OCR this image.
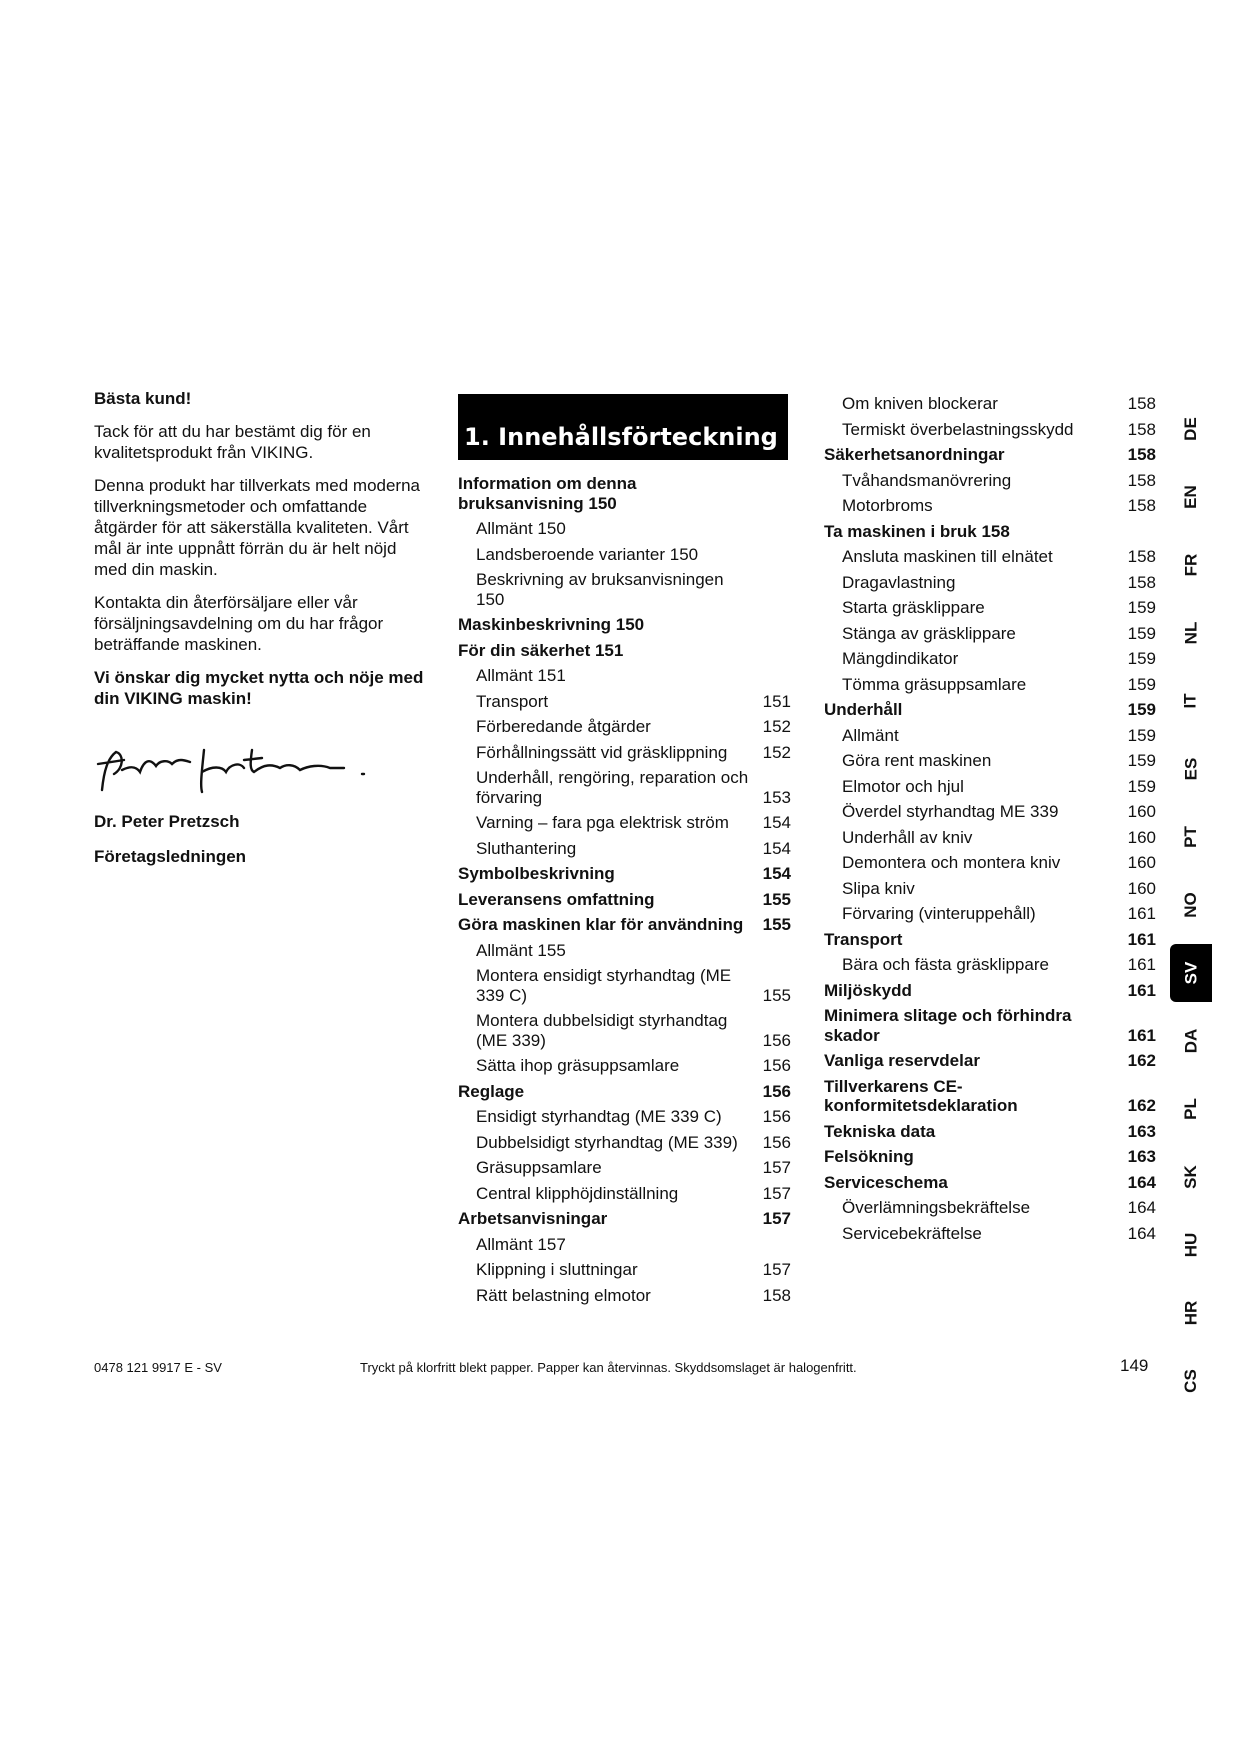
Bästa kund!

Tack för att du har bestämt dig för en kvalitetsprodukt från VIKING.

Denna produkt har tillverkats med moderna tillverkningsmetoder och omfattande åtgärder för att säkerställa kvaliteten. Vårt mål är inte uppnått förrän du är helt nöjd med din maskin.

Kontakta din återförsäljare eller vår försäljningsavdelning om du har frågor beträffande maskinen.

Vi önskar dig mycket nytta och nöje med din VIKING maskin!

Dr. Peter Pretzsch
Företagsledningen
1. Innehållsförteckning
Information om denna bruksanvisning 150
Allmänt 150
Landsberoende varianter 150
Beskrivning av bruksanvisningen 150
Maskinbeskrivning 150
För din säkerhet 151
Allmänt 151
Transport	151
Förberedande åtgärder	152
Förhållningssätt vid gräsklippning	152
Underhåll, rengöring, reparation och förvaring	153
Varning – fara pga elektrisk ström	154
Sluthantering	154
Symbolbeskrivning	154
Leveransens omfattning	155
Göra maskinen klar för användning	155
Allmänt 155
Montera ensidigt styrhandtag (ME 339 C)	155
Montera dubbelsidigt styrhandtag (ME 339)	156
Sätta ihop gräsuppsamlare	156
Reglage	156
Ensidigt styrhandtag (ME 339 C)	156
Dubbelsidigt styrhandtag (ME 339)	156
Gräsuppsamlare	157
Central klipphöjdinställning	157
Arbetsanvisningar	157
Allmänt 157
Klippning i sluttningar	157
Rätt belastning elmotor	158
Om kniven blockerar	158
Termiskt överbelastningsskydd	158
Säkerhetsanordningar	158
Tvåhandsmanövrering	158
Motorbroms	158
Ta maskinen i bruk 158
Ansluta maskinen till elnätet	158
Dragavlastning	158
Starta gräsklippare	159
Stänga av gräsklippare	159
Mängdindikator	159
Tömma gräsuppsamlare	159
Underhåll	159
Allmänt	159
Göra rent maskinen	159
Elmotor och hjul	159
Överdel styrhandtag ME 339	160
Underhåll av kniv	160
Demontera och montera kniv	160
Slipa kniv	160
Förvaring (vinteruppehåll)	161
Transport	161
Bära och fästa gräsklippare	161
Miljöskydd	161
Minimera slitage och förhindra skador	161
Vanliga reservdelar	162
Tillverkarens CE-konformitetsdeklaration	162
Tekniska data	163
Felsökning	163
Serviceschema	164
Överlämningsbekräftelse	164
Servicebekräftelse	164
DE
EN
FR
NL
IT
ES
PT
NO
SV
DA
PL
SK
HU
HR
CS
0478 121 9917 E - SV	Tryckt på klorfritt blekt papper. Papper kan återvinnas. Skyddsomslaget är halogenfritt.	149
